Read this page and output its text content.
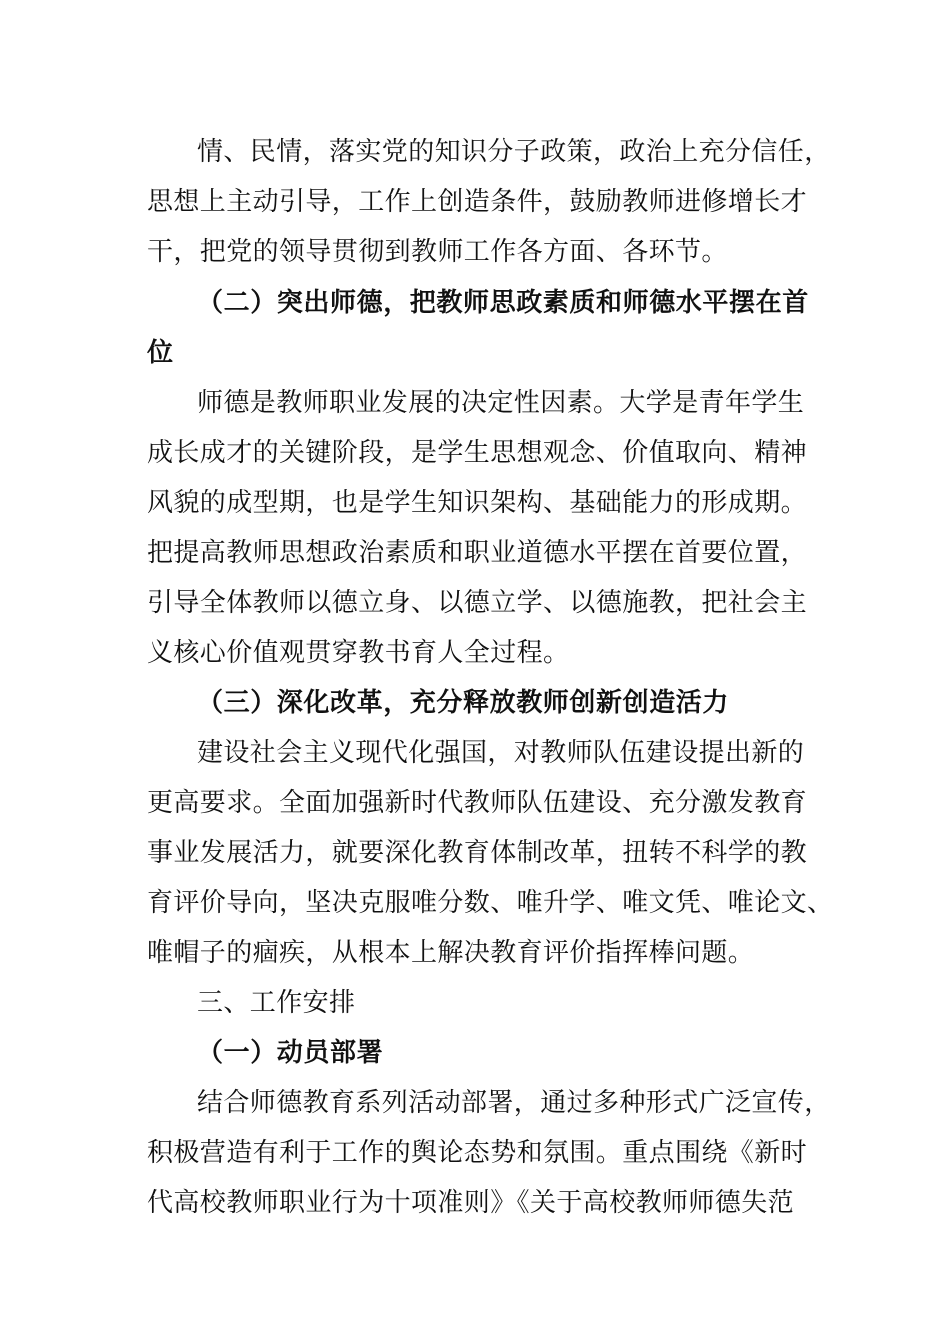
情、民情，落实党的知识分子政策，政治上充分信任，
思想上主动引导，工作上创造条件，鼓励教师进修增长才
干，把党的领导贯彻到教师工作各方面、各环节。
（二）突出师德，把教师思政素质和师德水平摆在首
位
师德是教师职业发展的决定性因素。大学是青年学生
成长成才的关键阶段，是学生思想观念、价值取向、精神
风貌的成型期，也是学生知识架构、基础能力的形成期。
把提高教师思想政治素质和职业道德水平摆在首要位置，
引导全体教师以德立身、以德立学、以德施教，把社会主
义核心价值观贯穿教书育人全过程。
（三）深化改革，充分释放教师创新创造活力
建设社会主义现代化强国，对教师队伍建设提出新的
更高要求。全面加强新时代教师队伍建设、充分激发教育
事业发展活力，就要深化教育体制改革，扭转不科学的教
育评价导向，坚决克服唯分数、唯升学、唯文凭、唯论文、
唯帽子的痼疾，从根本上解决教育评价指挥棒问题。
三、工作安排
（一）动员部署
结合师德教育系列活动部署，通过多种形式广泛宣传，
积极营造有利于工作的舆论态势和氛围。重点围绕《新时
代高校教师职业行为十项准则》《关于高校教师师德失范
